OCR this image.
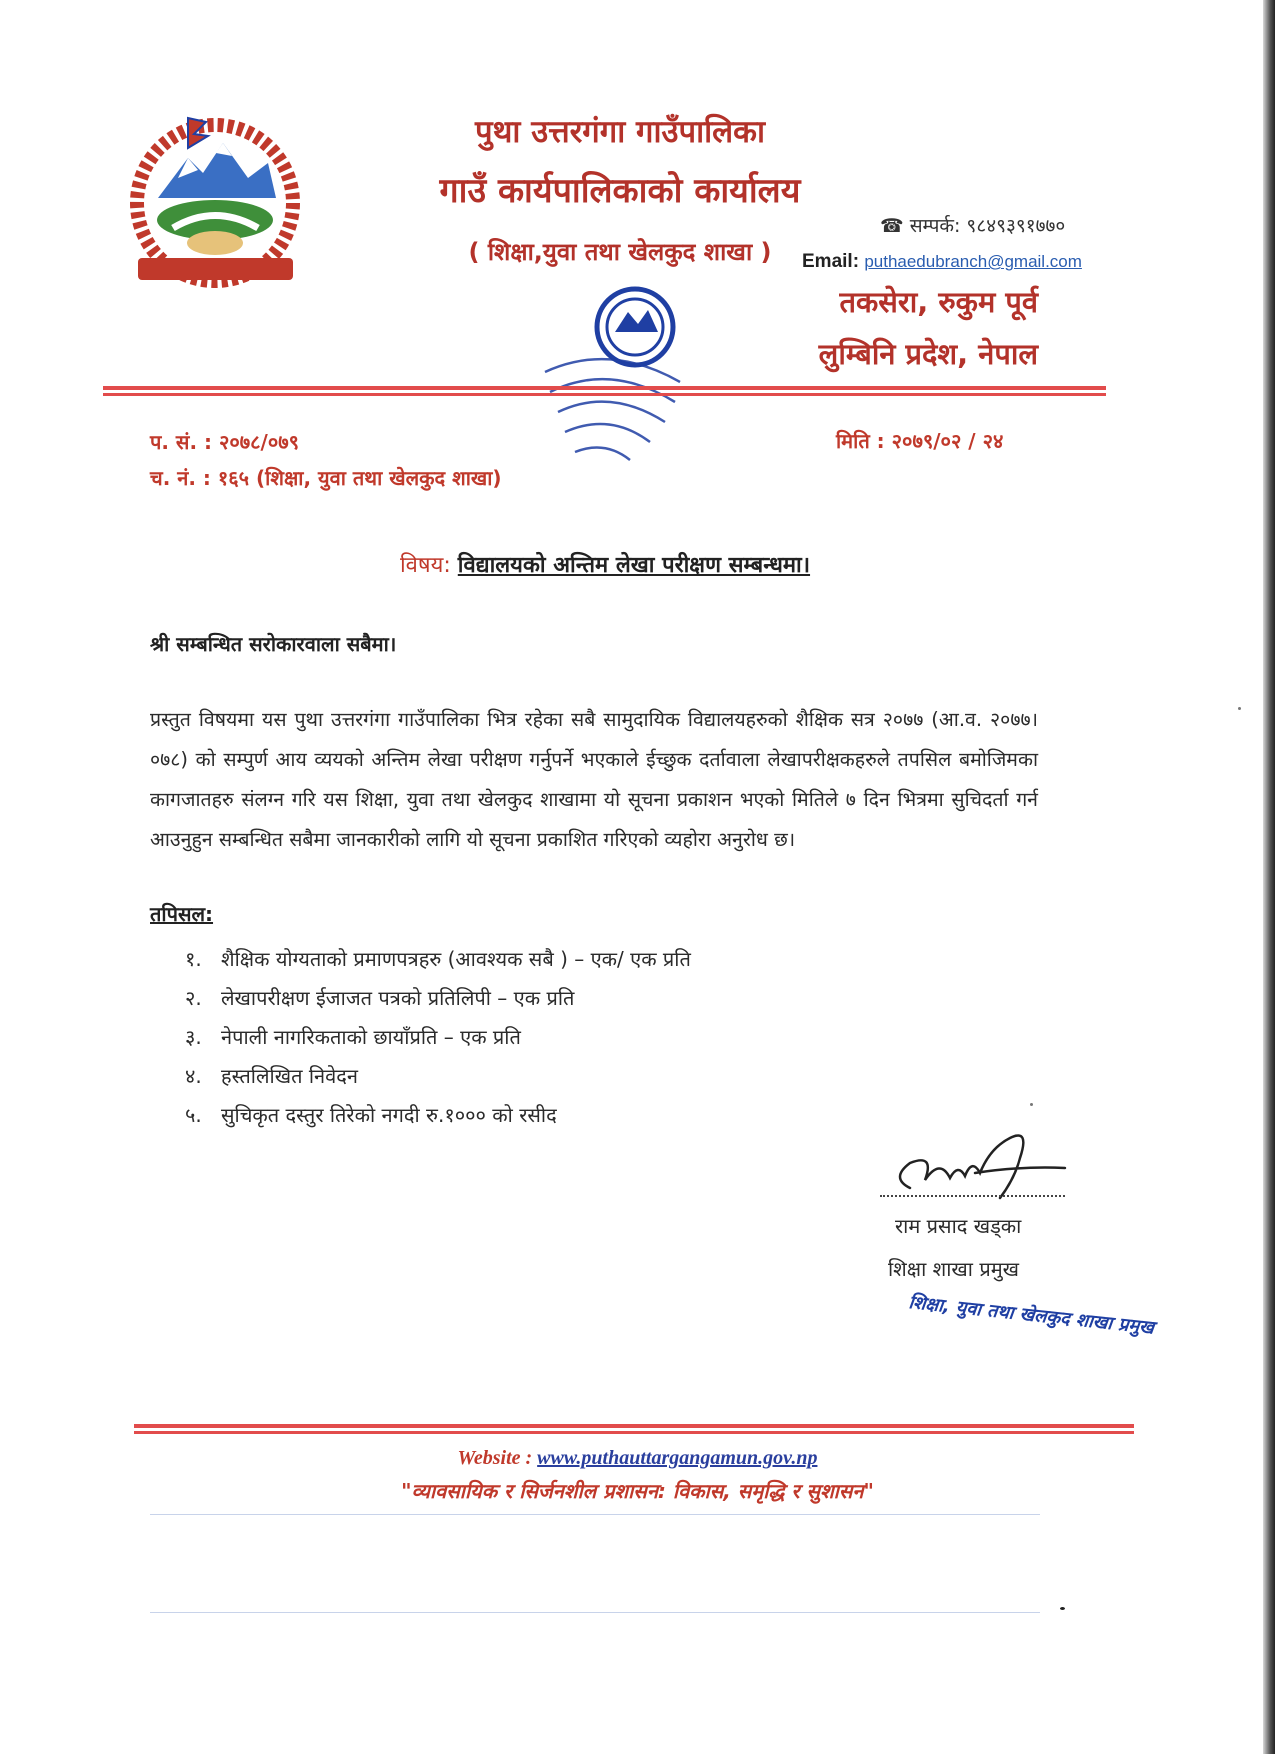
पुथा उत्तरगंगा गाउँपालिका
गाउँ कार्यपालिकाको कार्यालय
( शिक्षा,युवा तथा खेलकुद शाखा )
☎ सम्पर्क: ९८४९३९१७७०
Email: puthaedubranch@gmail.com
तकसेरा, रुकुम पूर्व
लुम्बिनि प्रदेश, नेपाल
प. सं. : २०७८/०७९
च. नं. : १६५ (शिक्षा, युवा तथा खेलकुद शाखा)
मिति : २०७९/०२ / २४
विषय: विद्यालयको अन्तिम लेखा परीक्षण सम्बन्धमा।
श्री सम्बन्धित सरोकारवाला सबैमा।
प्रस्तुत विषयमा यस पुथा उत्तरगंगा गाउँपालिका भित्र रहेका सबै सामुदायिक विद्यालयहरुको शैक्षिक सत्र २०७७ (आ.व. २०७७।०७८) को सम्पुर्ण आय व्ययको अन्तिम लेखा परीक्षण गर्नुपर्ने भएकाले ईच्छुक दर्तावाला लेखापरीक्षकहरुले तपसिल बमोजिमका कागजातहरु संलग्न गरि यस शिक्षा, युवा तथा खेलकुद शाखामा यो सूचना प्रकाशन भएको मितिले ७ दिन भित्रमा सुचिदर्ता गर्न आउनुहुन सम्बन्धित सबैमा जानकारीको लागि यो सूचना प्रकाशित गरिएको व्यहोरा अनुरोध छ।
तपिसल:
१. शैक्षिक योग्यताको प्रमाणपत्रहरु (आवश्यक सबै ) – एक/ एक प्रति
२. लेखापरीक्षण ईजाजत पत्रको प्रतिलिपी – एक प्रति
३. नेपाली नागरिकताको छायाँप्रति – एक प्रति
४. हस्तलिखित निवेदन
५. सुचिकृत दस्तुर तिरेको नगदी रु.१००० को रसीद
राम प्रसाद खड्का
शिक्षा शाखा प्रमुख
शिक्षा, युवा तथा खेलकुद शाखा प्रमुख
Website : www.puthauttargangamun.gov.np
"व्यावसायिक र सिर्जनशील प्रशासन: विकास, समृद्धि र सुशासन"
